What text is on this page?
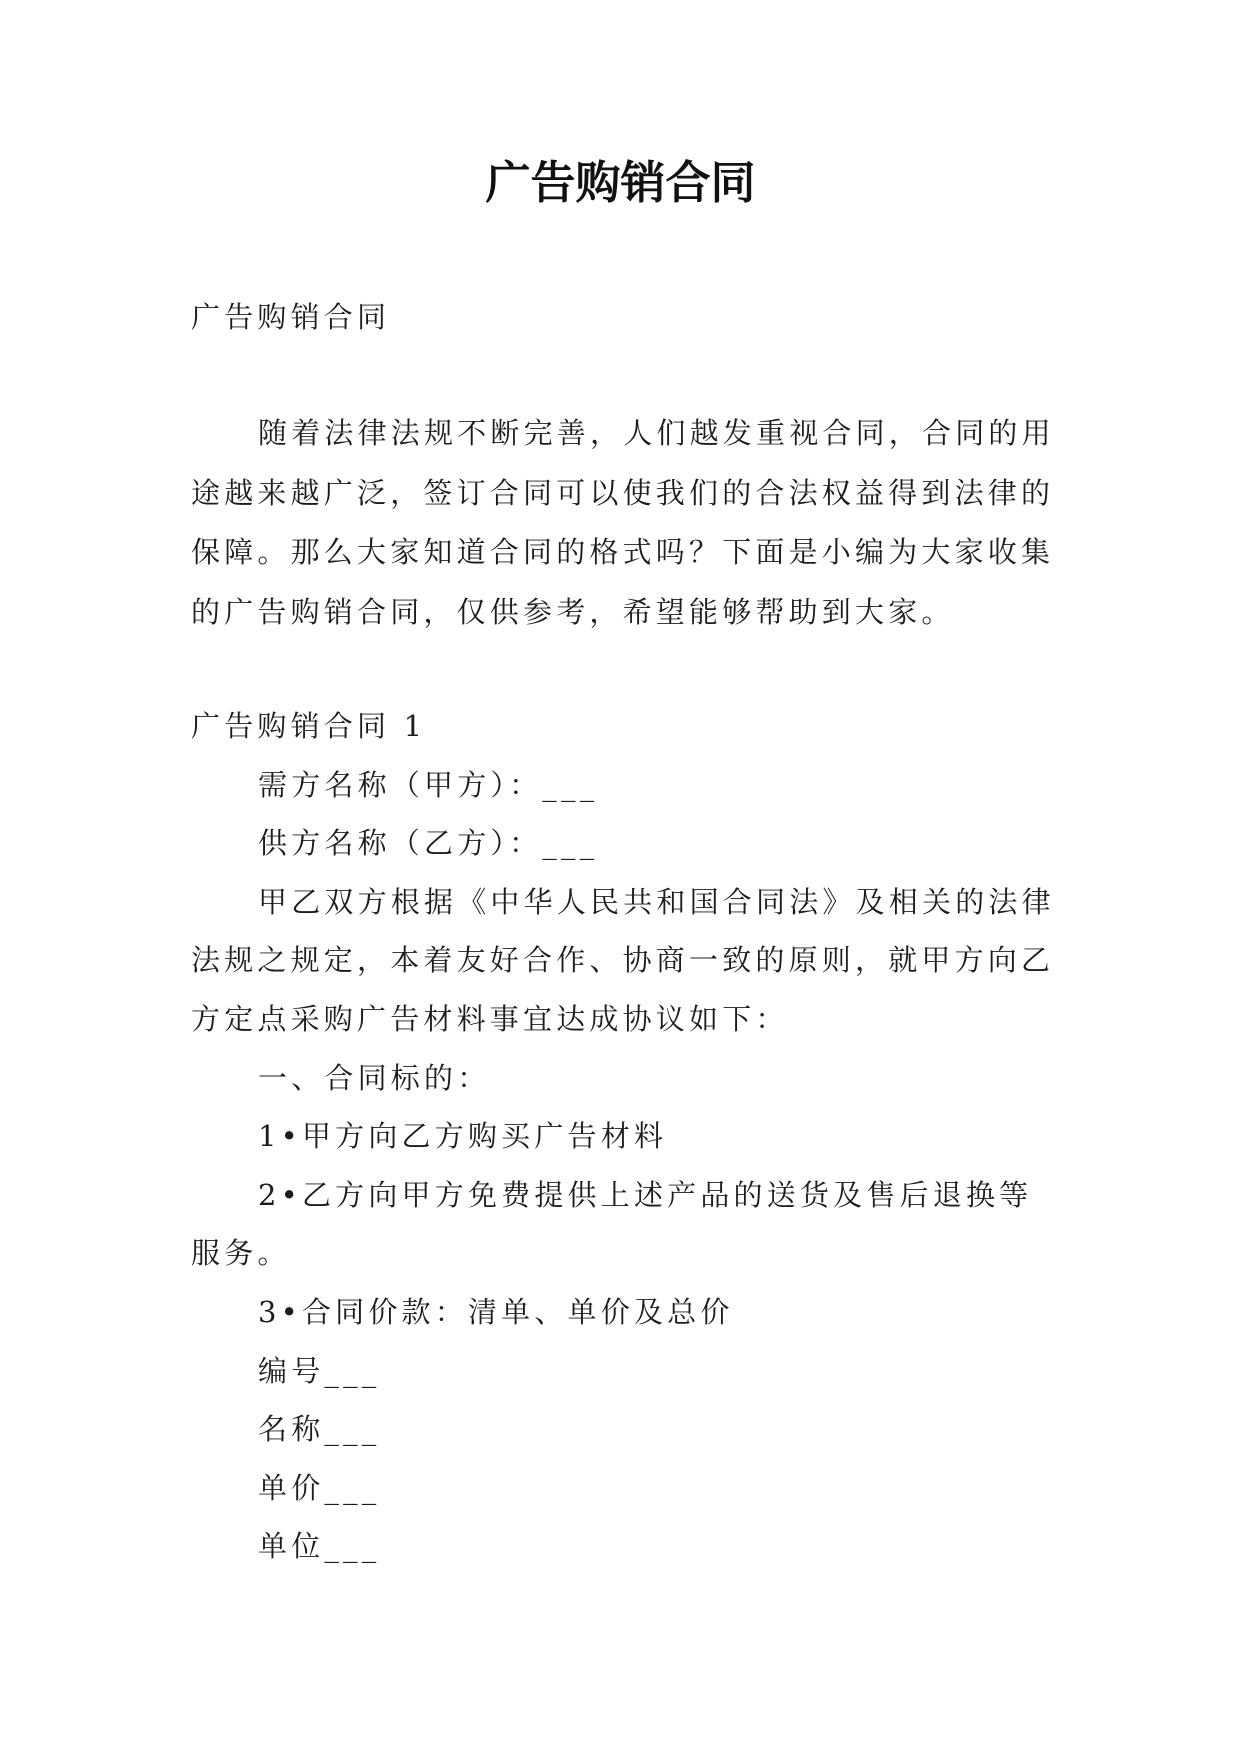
广告购销合同
广告购销合同
随着法律法规不断完善，人们越发重视合同，合同的用
途越来越广泛，签订合同可以使我们的合法权益得到法律的
保障。那么大家知道合同的格式吗？下面是小编为大家收集
的广告购销合同，仅供参考，希望能够帮助到大家。
广告购销合同 1
需方名称（甲方）：___
供方名称（乙方）：___
甲乙双方根据《中华人民共和国合同法》及相关的法律
法规之规定，本着友好合作、协商一致的原则，就甲方向乙
方定点采购广告材料事宜达成协议如下：
一、合同标的：
1•甲方向乙方购买广告材料
2•乙方向甲方免费提供上述产品的送货及售后退换等
服务。
3•合同价款：清单、单价及总价
编号___
名称___
单价___
单位___
